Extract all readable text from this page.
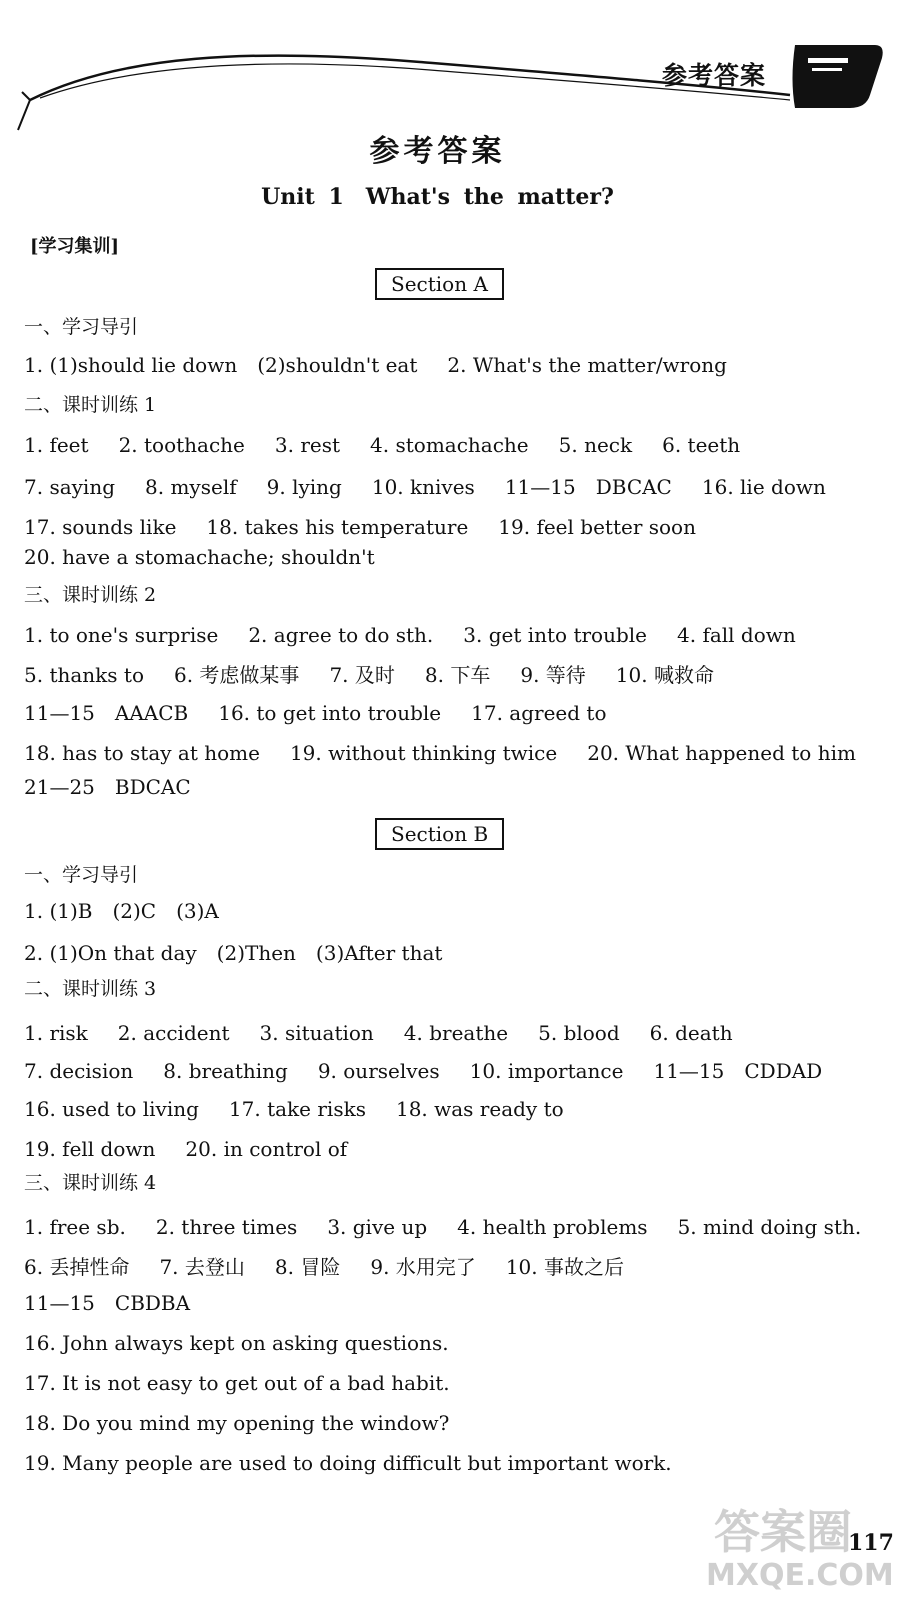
参考答案
参考答案
Unit 1 What's the matter?
[学习集训]
Section A
一、学习导引
1. (1)should lie down　(2)shouldn't eat 2. What's the matter/wrong
二、课时训练 1
1. feet 2. toothache 3. rest 4. stomachache 5. neck 6. teeth
7. saying 8. myself 9. lying 10. knives 11—15　DBCAC 16. lie down
17. sounds like 18. takes his temperature 19. feel better soon
20. have a stomachache; shouldn't
三、课时训练 2
1. to one's surprise 2. agree to do sth. 3. get into trouble 4. fall down
5. thanks to 6. 考虑做某事 7. 及时 8. 下车 9. 等待 10. 喊救命
11—15　AAACB 16. to get into trouble 17. agreed to
18. has to stay at home 19. without thinking twice 20. What happened to him
21—25　BDCAC
Section B
一、学习导引
1. (1)B　(2)C　(3)A
2. (1)On that day　(2)Then　(3)After that
二、课时训练 3
1. risk 2. accident 3. situation 4. breathe 5. blood 6. death
7. decision 8. breathing 9. ourselves 10. importance 11—15　CDDAD
16. used to living 17. take risks 18. was ready to
19. fell down 20. in control of
三、课时训练 4
1. free sb. 2. three times 3. give up 4. health problems 5. mind doing sth.
6. 丢掉性命 7. 去登山 8. 冒险 9. 水用完了 10. 事故之后
11—15　CBDBA
16. John always kept on asking questions.
17. It is not easy to get out of a bad habit.
18. Do you mind my opening the window?
19. Many people are used to doing difficult but important work.
答案圈
MXQE.COM
117
